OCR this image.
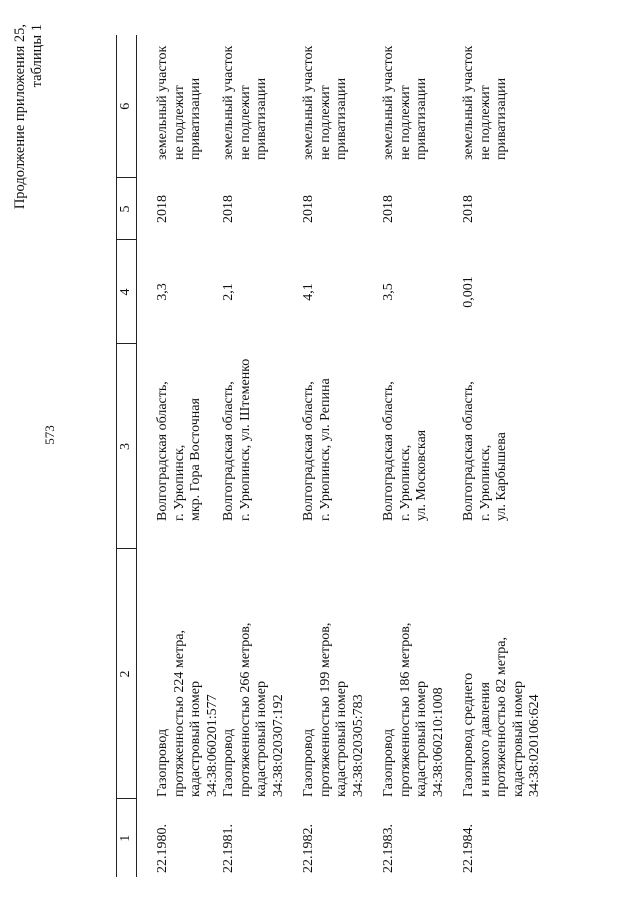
573
Продолжение приложения 25, таблицы 1
1	2	3	4	5	6
22.1980.	Газопровод
протяженностью 224 метра,
кадастровый номер
34:38:060201:577	Волгоградская область,
г. Урюпинск,
мкр. Гора Восточная	3,3	2018	земельный участок
не подлежит
приватизации
22.1981.	Газопровод
протяженностью 266 метров,
кадастровый номер
34:38:020307:192	Волгоградская область,
г. Урюпинск, ул. Штеменко	2,1	2018	земельный участок
не подлежит
приватизации
22.1982.	Газопровод
протяженностью 199 метров,
кадастровый номер
34:38:020305:783	Волгоградская область,
г. Урюпинск, ул. Репина	4,1	2018	земельный участок
не подлежит
приватизации
22.1983.	Газопровод
протяженностью 186 метров,
кадастровый номер
34:38:060210:1008	Волгоградская область,
г. Урюпинск,
ул. Московская	3,5	2018	земельный участок
не подлежит
приватизации
22.1984.	Газопровод среднего
и низкого давления
протяженностью 82 метра,
кадастровый номер
34:38:020106:624	Волгоградская область,
г. Урюпинск,
ул. Карбышева	0,001	2018	земельный участок
не подлежит
приватизации
